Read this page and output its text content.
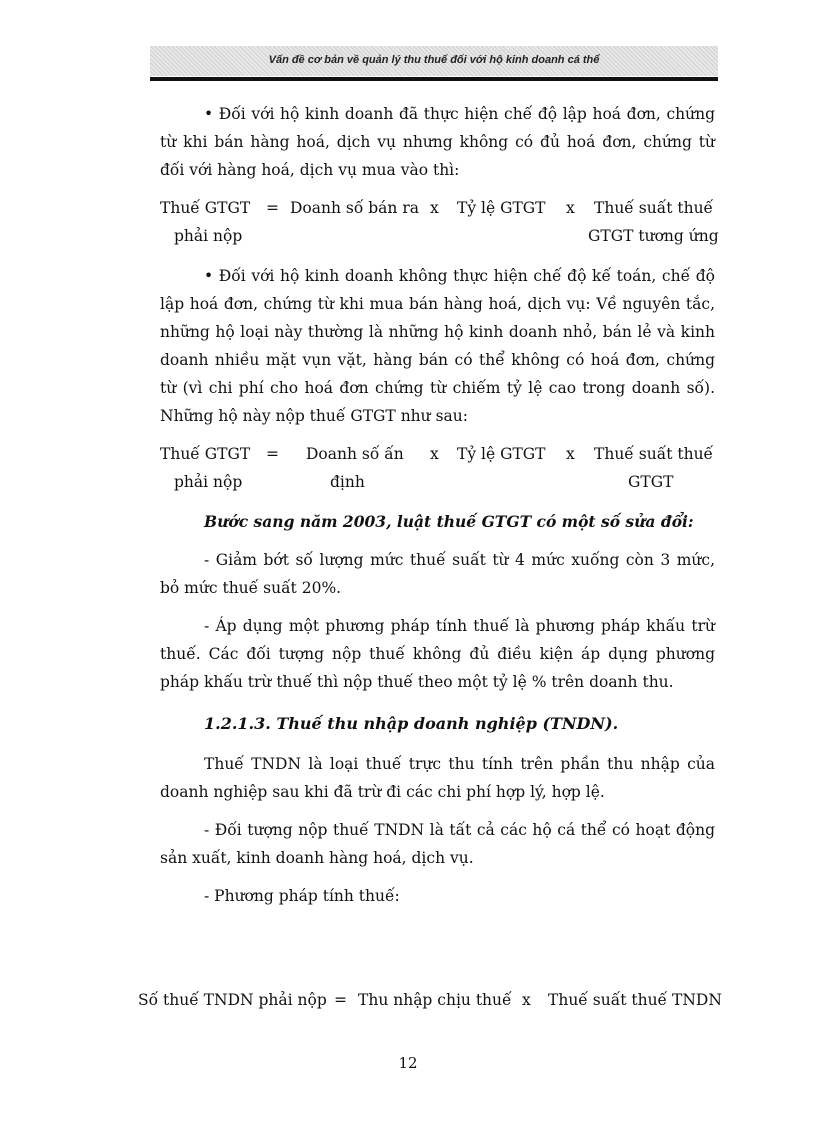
Vấn đề cơ bản về quản lý thu thuế đối với hộ kinh doanh cá thể

• Đối với hộ kinh doanh đã thực hiện chế độ lập hoá đơn, chứng từ khi bán hàng hoá, dịch vụ nhưng không có đủ hoá đơn, chứng từ đối với hàng hoá, dịch vụ mua vào thì:

Thuế GTGT
phải nộp
= Doanh số bán ra x Tỷ lệ GTGT x Thuế suất thuế
GTGT tương ứng

• Đối với hộ kinh doanh không thực hiện chế độ kế toán, chế độ lập hoá đơn, chứng từ khi mua bán hàng hoá, dịch vụ: Về nguyên tắc, những hộ loại này thường là những hộ kinh doanh nhỏ, bán lẻ và kinh doanh nhiều mặt vụn vặt, hàng bán có thể không có hoá đơn, chứng từ (vì chi phí cho hoá đơn chứng từ chiếm tỷ lệ cao trong doanh số). Những hộ này nộp thuế GTGT như sau:

Thuế GTGT
phải nộp
= Doanh số ấn
định
x Tỷ lệ GTGT x Thuế suất thuế
GTGT

Bước sang năm 2003, luật thuế GTGT có một số sửa đổi:

- Giảm bớt số lượng mức thuế suất từ 4 mức xuống còn 3 mức, bỏ mức thuế suất 20%.

- Áp dụng một phương pháp tính thuế là phương pháp khấu trừ thuế. Các đối tượng nộp thuế không đủ điều kiện áp dụng phương pháp khấu trừ thuế thì nộp thuế theo một tỷ lệ % trên doanh thu.

1.2.1.3. Thuế thu nhập doanh nghiệp (TNDN).

Thuế TNDN là loại thuế trực thu tính trên phần thu nhập của doanh nghiệp sau khi đã trừ đi các chi phí hợp lý, hợp lệ.

- Đối tượng nộp thuế TNDN là tất cả các hộ cá thể có hoạt động sản xuất, kinh doanh hàng hoá, dịch vụ.

- Phương pháp tính thuế:

Số thuế TNDN phải nộp = Thu nhập chịu thuế x Thuế suất thuế TNDN
12
